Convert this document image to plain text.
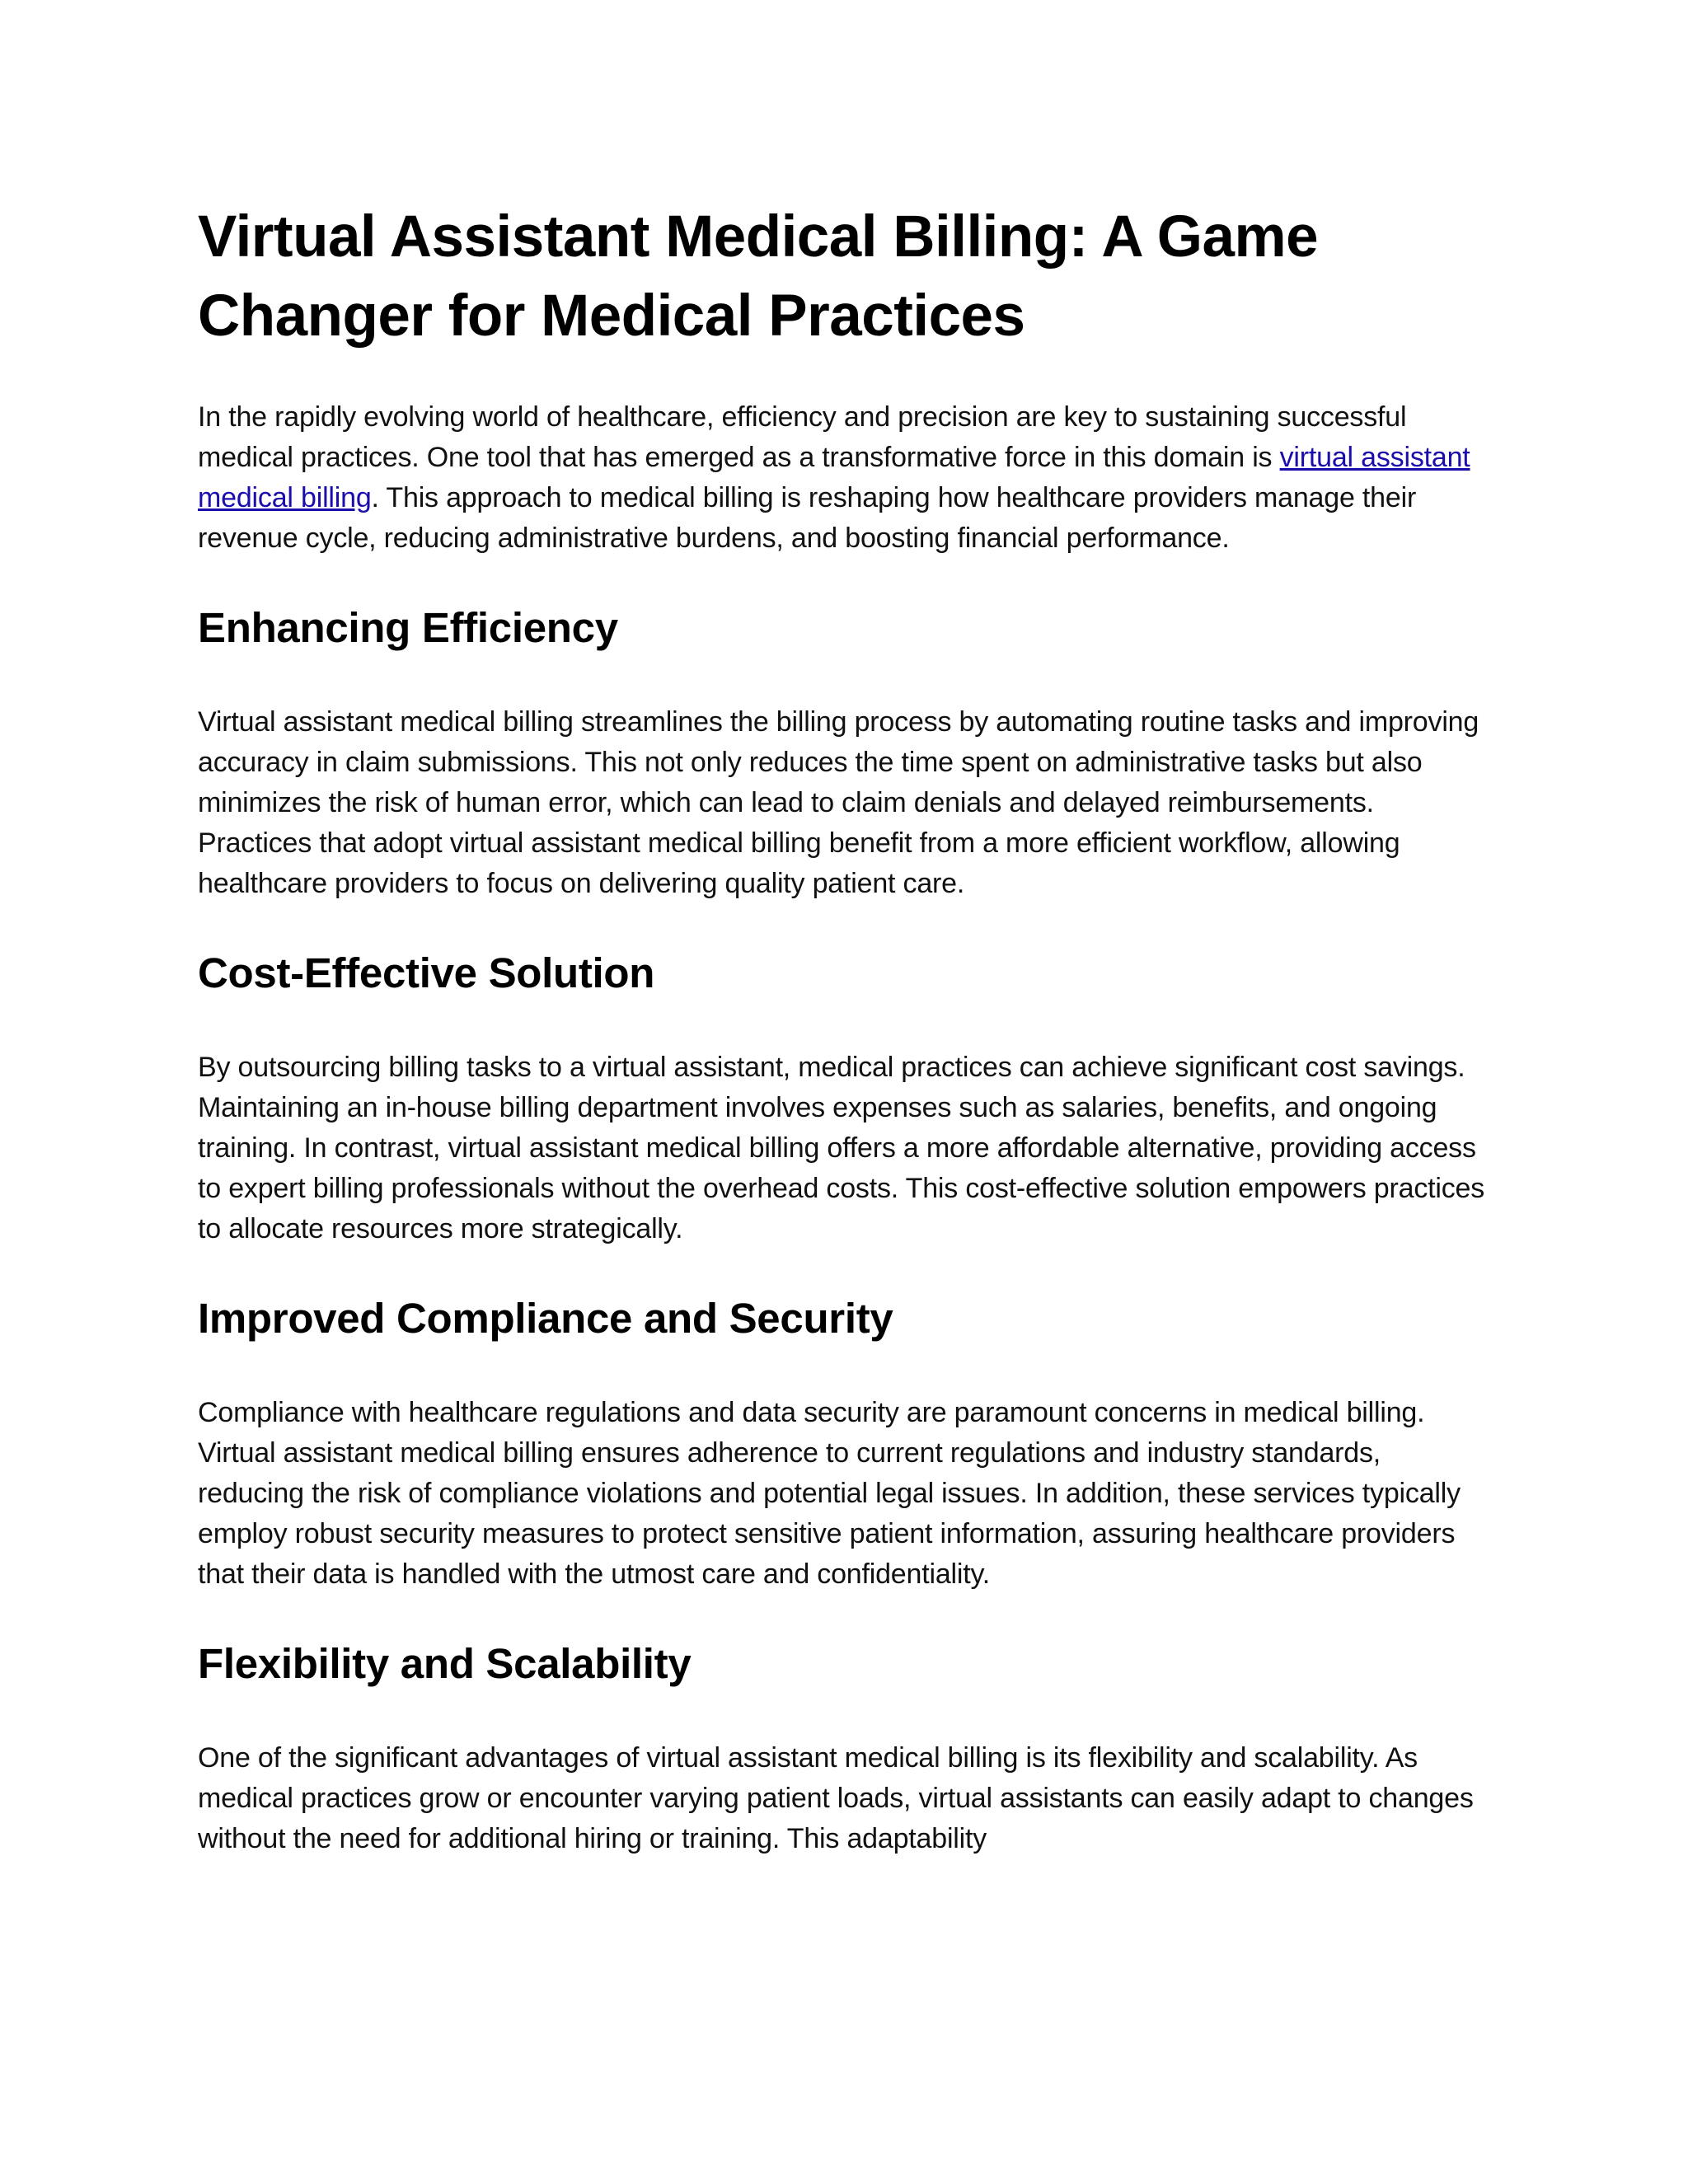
Virtual Assistant Medical Billing: A Game Changer for Medical Practices

In the rapidly evolving world of healthcare, efficiency and precision are key to sustaining successful medical practices. One tool that has emerged as a transformative force in this domain is virtual assistant medical billing. This approach to medical billing is reshaping how healthcare providers manage their revenue cycle, reducing administrative burdens, and boosting financial performance.

Enhancing Efficiency

Virtual assistant medical billing streamlines the billing process by automating routine tasks and improving accuracy in claim submissions. This not only reduces the time spent on administrative tasks but also minimizes the risk of human error, which can lead to claim denials and delayed reimbursements. Practices that adopt virtual assistant medical billing benefit from a more efficient workflow, allowing healthcare providers to focus on delivering quality patient care.

Cost-Effective Solution

By outsourcing billing tasks to a virtual assistant, medical practices can achieve significant cost savings. Maintaining an in-house billing department involves expenses such as salaries, benefits, and ongoing training. In contrast, virtual assistant medical billing offers a more affordable alternative, providing access to expert billing professionals without the overhead costs. This cost-effective solution empowers practices to allocate resources more strategically.

Improved Compliance and Security

Compliance with healthcare regulations and data security are paramount concerns in medical billing. Virtual assistant medical billing ensures adherence to current regulations and industry standards, reducing the risk of compliance violations and potential legal issues. In addition, these services typically employ robust security measures to protect sensitive patient information, assuring healthcare providers that their data is handled with the utmost care and confidentiality.

Flexibility and Scalability

One of the significant advantages of virtual assistant medical billing is its flexibility and scalability. As medical practices grow or encounter varying patient loads, virtual assistants can easily adapt to changes without the need for additional hiring or training. This adaptability
